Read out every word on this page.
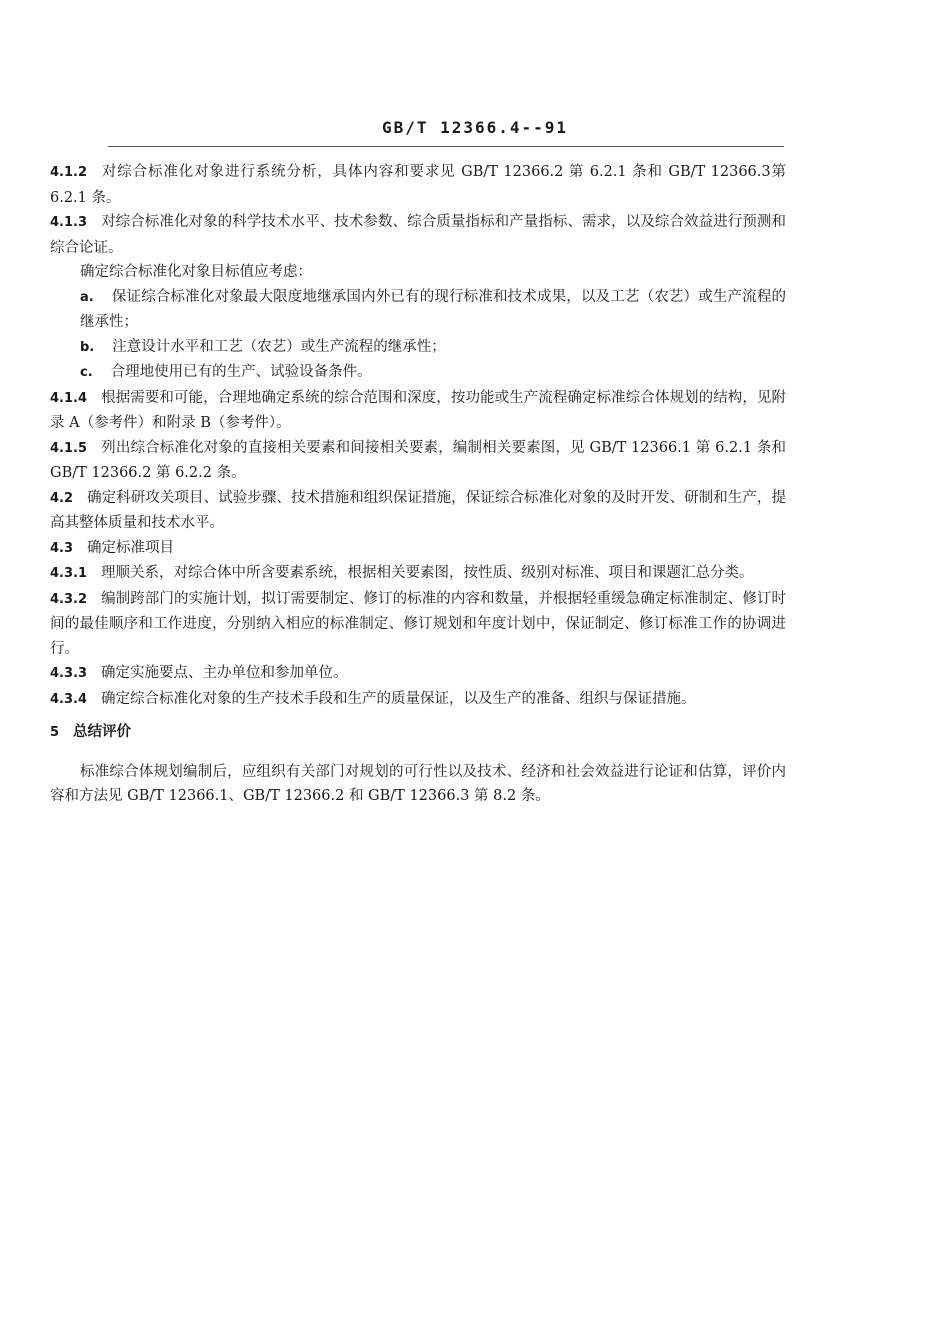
GB/T 12366.4--91

4.1.2 对综合标准化对象进行系统分析，具体内容和要求见 GB/T 12366.2 第 6.2.1 条和 GB/T 12366.3第 6.2.1 条。

4.1.3 对综合标准化对象的科学技术水平、技术参数、综合质量指标和产量指标、需求，以及综合效益进行预测和综合论证。

确定综合标准化对象目标值应考虑：

a. 保证综合标准化对象最大限度地继承国内外已有的现行标准和技术成果，以及工艺（农艺）或生产流程的继承性；

b. 注意设计水平和工艺（农艺）或生产流程的继承性；

c. 合理地使用已有的生产、试验设备条件。

4.1.4 根据需要和可能，合理地确定系统的综合范围和深度，按功能或生产流程确定标准综合体规划的结构，见附录 A（参考件）和附录 B（参考件）。

4.1.5 列出综合标准化对象的直接相关要素和间接相关要素，编制相关要素图，见 GB/T 12366.1 第 6.2.1 条和 GB/T 12366.2 第 6.2.2 条。

4.2 确定科研攻关项目、试验步骤、技术措施和组织保证措施，保证综合标准化对象的及时开发、研制和生产，提高其整体质量和技术水平。

4.3 确定标准项目

4.3.1 理顺关系，对综合体中所含要素系统，根据相关要素图，按性质、级别对标准、项目和课题汇总分类。

4.3.2 编制跨部门的实施计划，拟订需要制定、修订的标准的内容和数量，并根据轻重缓急确定标准制定、修订时间的最佳顺序和工作进度，分别纳入相应的标准制定、修订规划和年度计划中，保证制定、修订标准工作的协调进行。

4.3.3 确定实施要点、主办单位和参加单位。

4.3.4 确定综合标准化对象的生产技术手段和生产的质量保证，以及生产的准备、组织与保证措施。

5 总结评价

标准综合体规划编制后，应组织有关部门对规划的可行性以及技术、经济和社会效益进行论证和估算，评价内容和方法见 GB/T 12366.1、GB/T 12366.2 和 GB/T 12366.3 第 8.2 条。
